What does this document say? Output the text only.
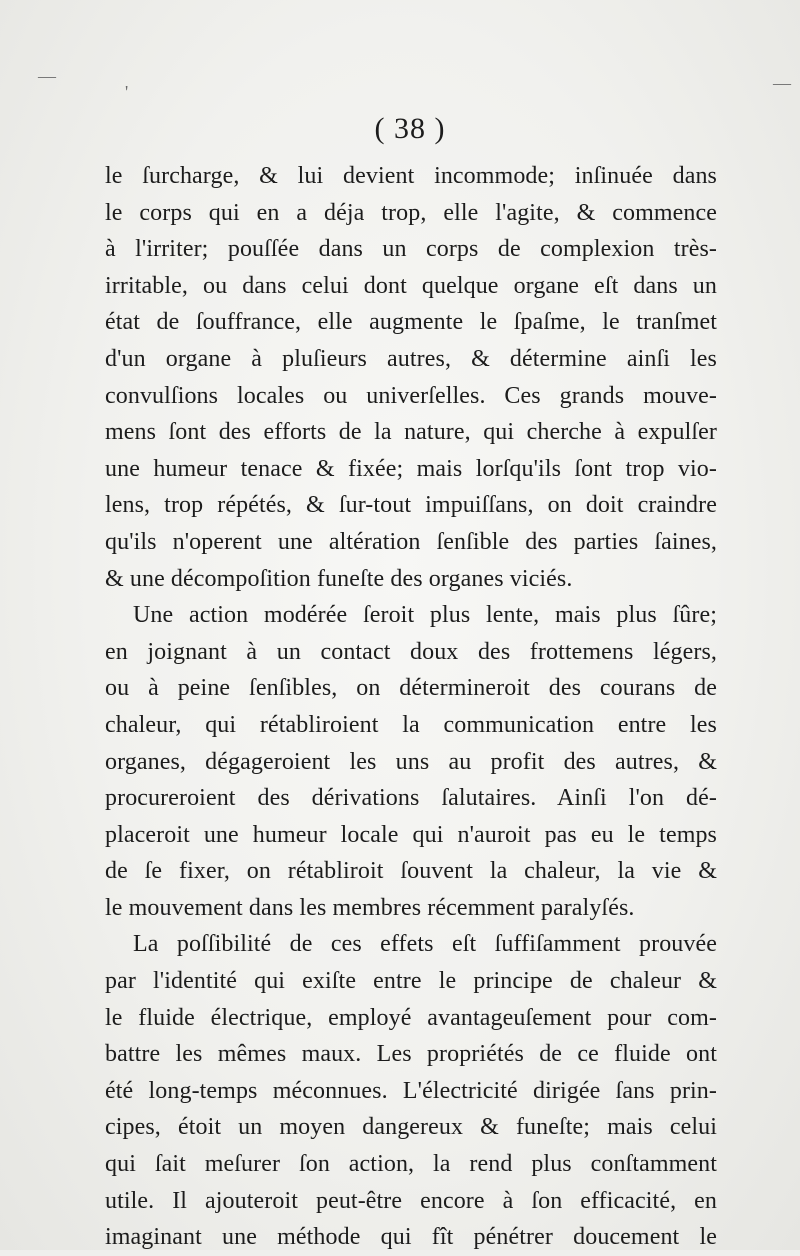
'
—	—
( 38 )
le ſurcharge, & lui devient incommode; inſinuée dans
le corps qui en a déja trop, elle l'agite, & commence
à l'irriter; pouſſée dans un corps de complexion très-
irritable, ou dans celui dont quelque organe eſt dans un
état de ſouffrance, elle augmente le ſpaſme, le tranſmet
d'un organe à pluſieurs autres, & détermine ainſi les
convulſions locales ou univerſelles. Ces grands mouve-
mens ſont des efforts de la nature, qui cherche à expulſer
une humeur tenace & fixée; mais lorſqu'ils ſont trop vio-
lens, trop répétés, & ſur-tout impuiſſans, on doit craindre
qu'ils n'operent une altération ſenſible des parties ſaines,
& une décompoſition funeſte des organes viciés.
Une action modérée ſeroit plus lente, mais plus ſûre;
en joignant à un contact doux des frottemens légers,
ou à peine ſenſibles, on détermineroit des courans de
chaleur, qui rétabliroient la communication entre les
organes, dégageroient les uns au profit des autres, &
procureroient des dérivations ſalutaires. Ainſi l'on dé-
placeroit une humeur locale qui n'auroit pas eu le temps
de ſe fixer, on rétabliroit ſouvent la chaleur, la vie &
le mouvement dans les membres récemment paralyſés.
La poſſibilité de ces effets eſt ſuffiſamment prouvée
par l'identité qui exiſte entre le principe de chaleur &
le fluide électrique, employé avantageuſement pour com-
battre les mêmes maux. Les propriétés de ce fluide ont
été long-temps méconnues. L'électricité dirigée ſans prin-
cipes, étoit un moyen dangereux & funeſte; mais celui
qui ſait meſurer ſon action, la rend plus conſtamment
utile. Il ajouteroit peut-être encore à ſon efficacité, en
imaginant une méthode qui fît pénétrer doucement le
